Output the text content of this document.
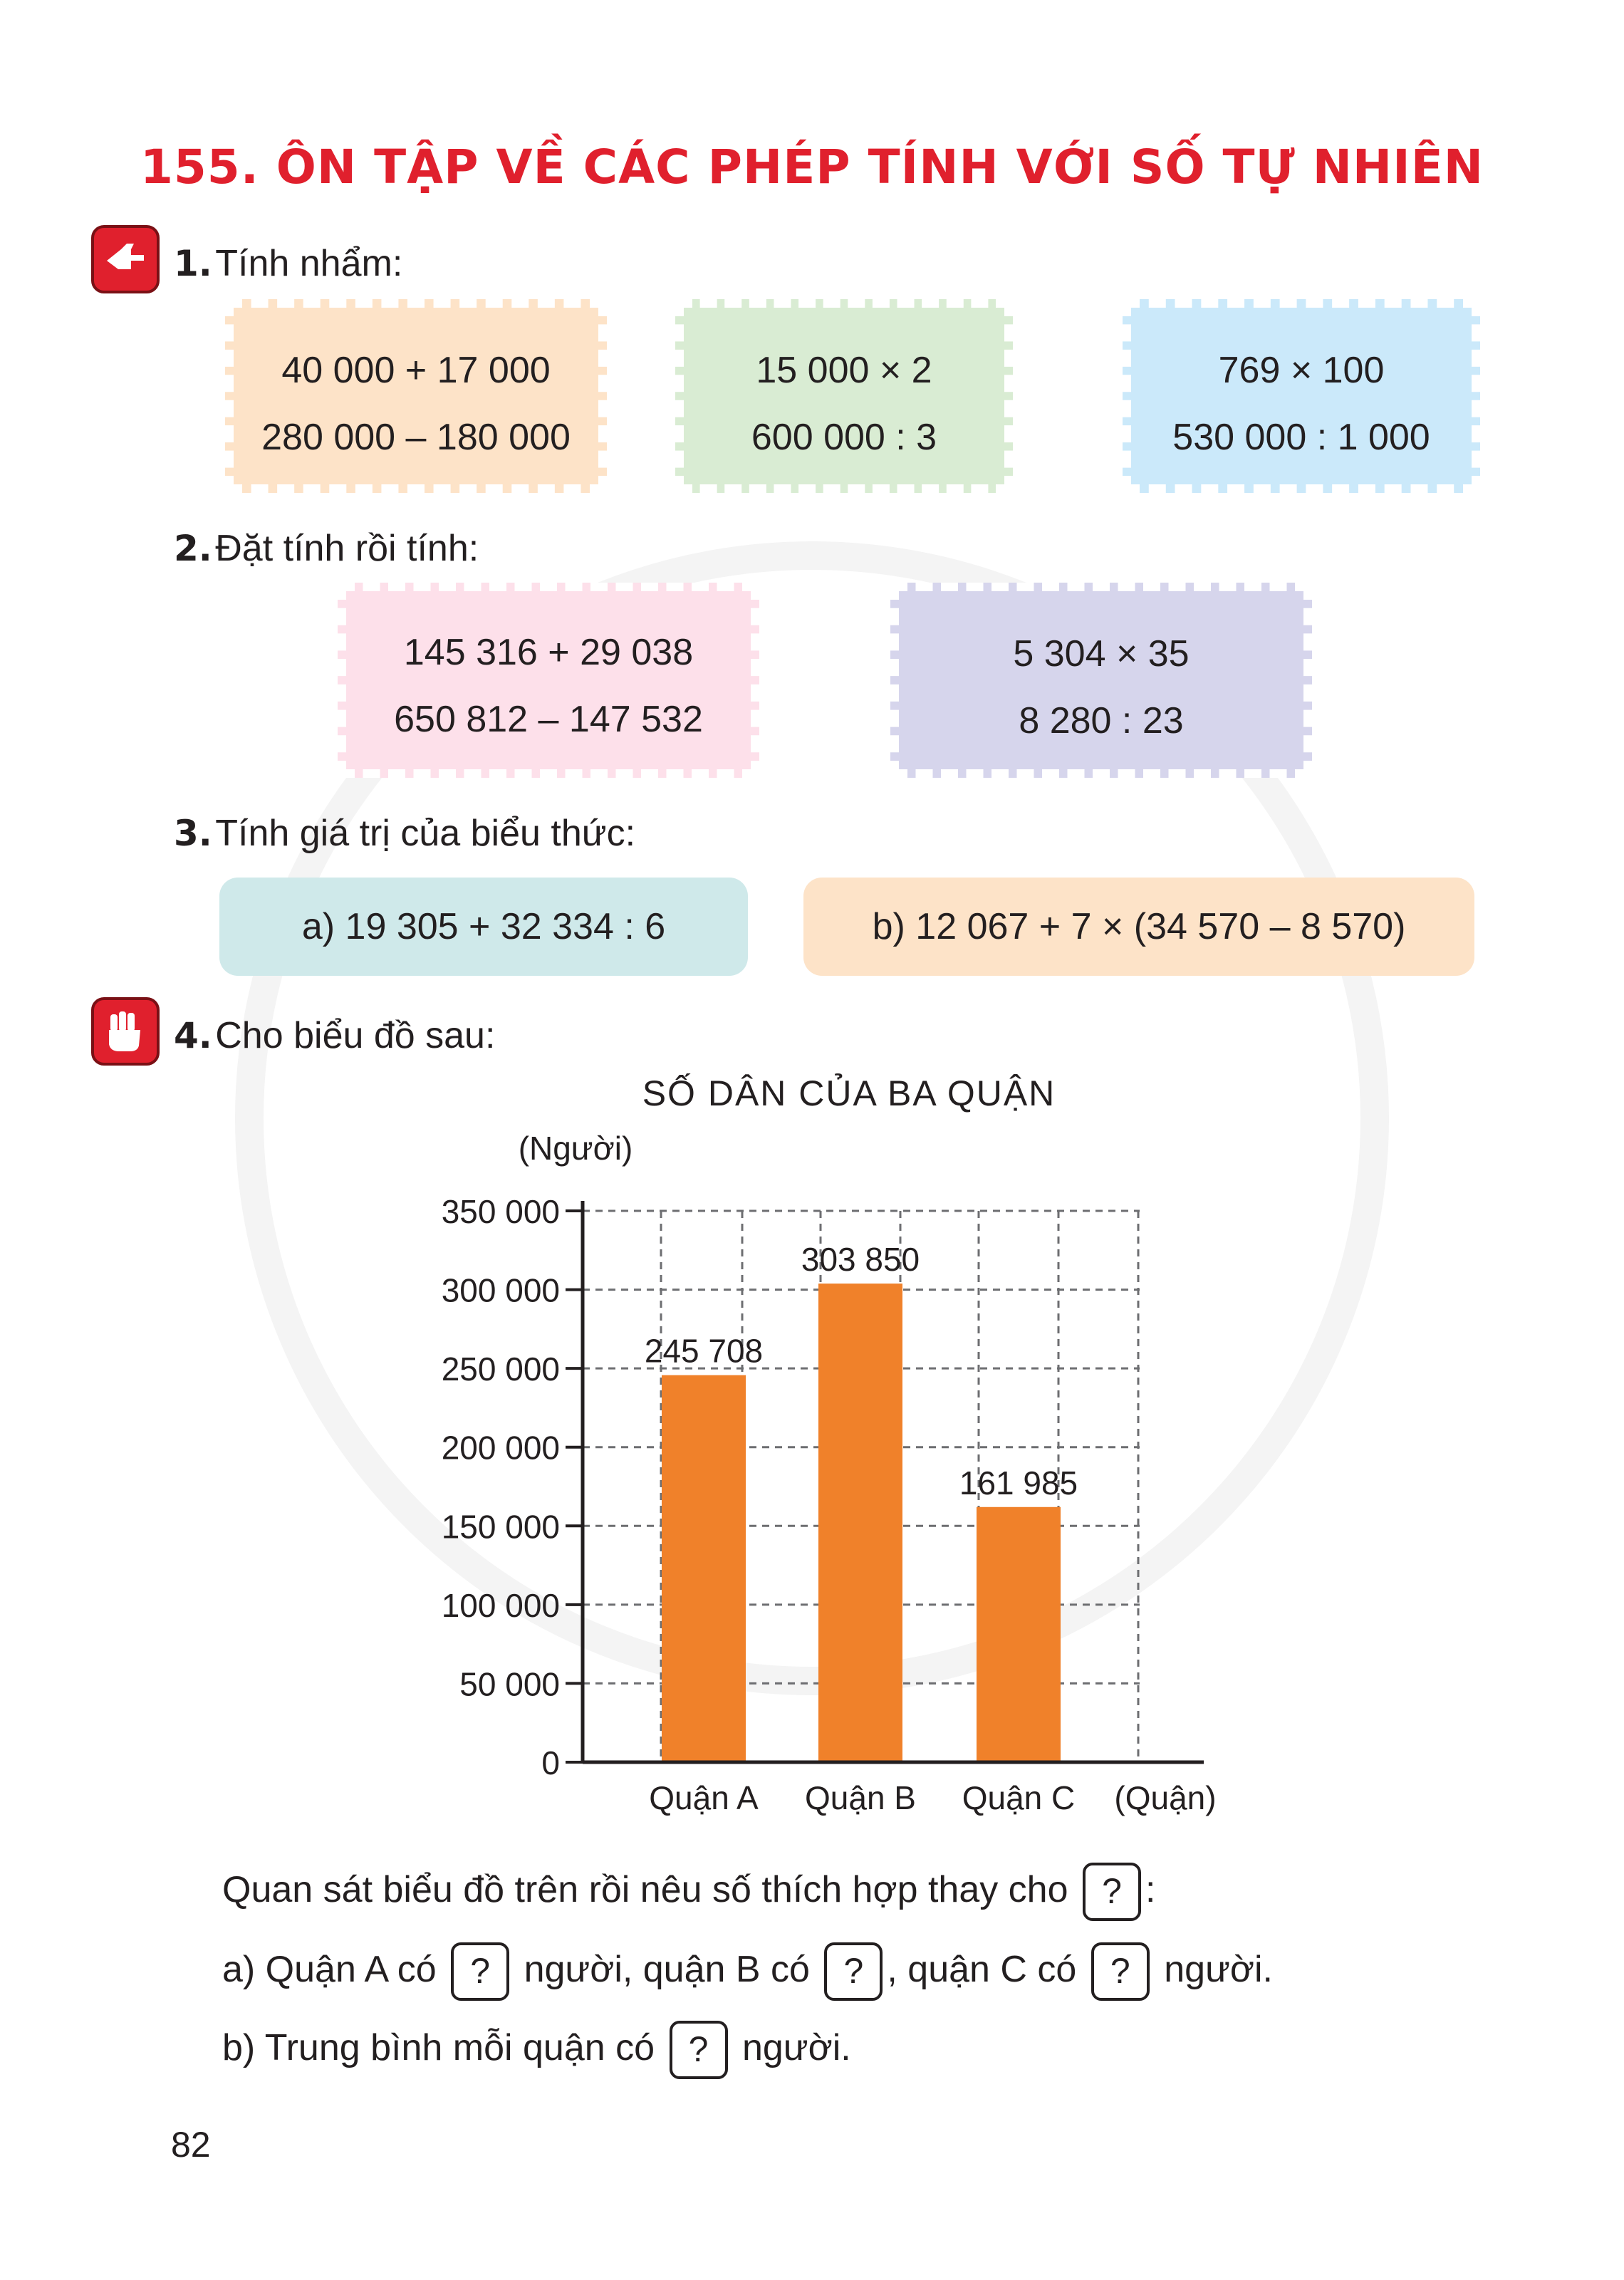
155. ÔN TẬP VỀ CÁC PHÉP TÍNH VỚI SỐ TỰ NHIÊN
1. Tính nhẩm:
40 000 + 17 000
280 000 – 180 000
15 000 × 2
600 000 : 3
769 × 100
530 000 : 1 000
2. Đặt tính rồi tính:
145 316 + 29 038
650 812 – 147 532
5 304 × 35
8 280 : 23
3. Tính giá trị của biểu thức:
a) 19 305 + 32 334 : 6	b) 12 067 + 7 × (34 570 – 8 570)
4. Cho biểu đồ sau:
SỐ DÂN CỦA BA QUẬN
(Người)
0
50 000
100 000
150 000
200 000
250 000
300 000
350 000
245 708
Quận A
303 850
Quận B
161 985
Quận C (Quận)
Quan sát biểu đồ trên rồi nêu số thích hợp thay cho ? :
a) Quận A có ? người, quận B có ? , quận C có ? người.
b) Trung bình mỗi quận có ? người.
82
